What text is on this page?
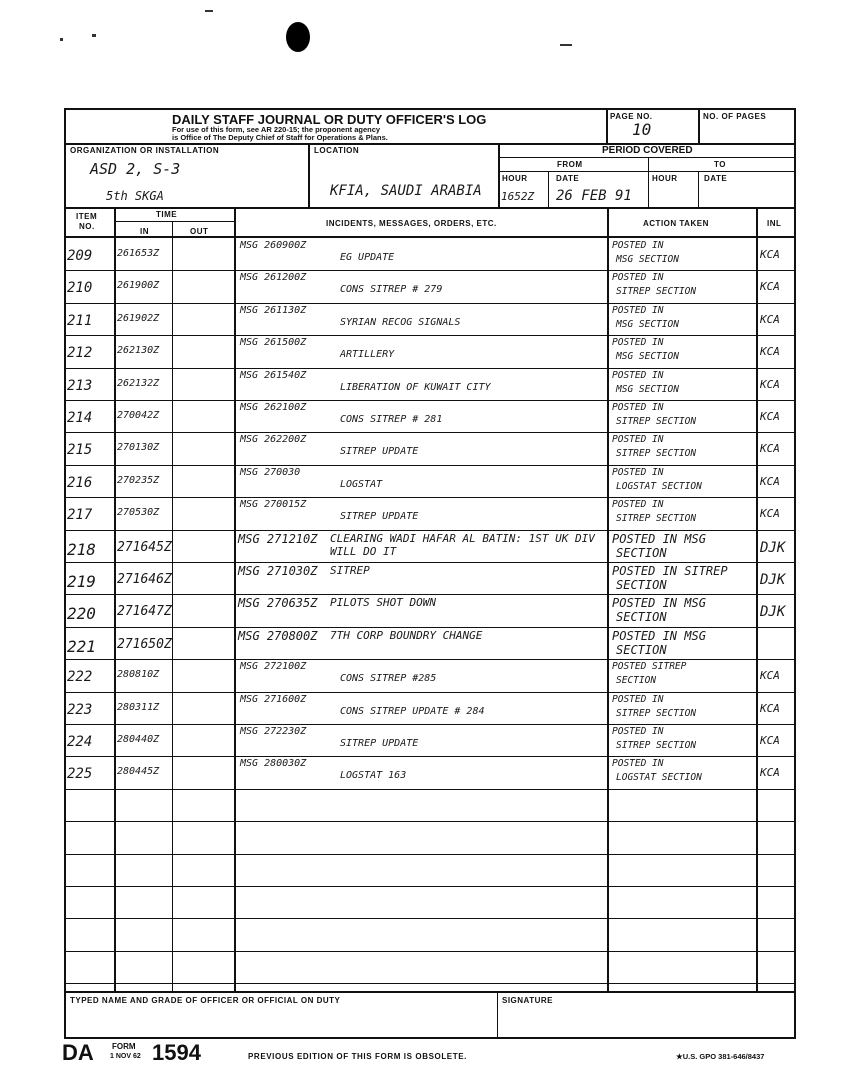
DAILY STAFF JOURNAL OR DUTY OFFICER'S LOG
For use of this form, see AR 220-15; the proponent agency
is Office of The Deputy Chief of Staff for Operations & Plans.
PAGE NO.
10
NO. OF PAGES
ORGANIZATION OR INSTALLATION
ASD 2, S-3
5th SKGA
LOCATION
KFIA, SAUDI ARABIA
PERIOD COVERED
FROM	TO
HOUR	DATE	HOUR	DATE
1652Z 26 FEB 91
ITEM
NO.
TIME
IN	OUT
INCIDENTS, MESSAGES, ORDERS, ETC.	ACTION TAKEN	INL
209 261653Z
MSG 260900Z
EG UPDATE
POSTED IN
MSG SECTION	KCA
210 261900Z
MSG 261200Z
CONS SITREP # 279
POSTED IN
SITREP SECTION	KCA
211 261902Z
MSG 261130Z
SYRIAN RECOG SIGNALS
POSTED IN
MSG SECTION	KCA
212 262130Z
MSG 261500Z
ARTILLERY
POSTED IN
MSG SECTION	KCA
213 262132Z
MSG 261540Z
LIBERATION OF KUWAIT CITY
POSTED IN
MSG SECTION	KCA
214 270042Z
MSG 262100Z
CONS SITREP # 281
POSTED IN
SITREP SECTION	KCA
215 270130Z
MSG 262200Z
SITREP UPDATE
POSTED IN
SITREP SECTION	KCA
216 270235Z
MSG 270030
LOGSTAT
POSTED IN
LOGSTAT SECTION	KCA
217 270530Z
MSG 270015Z
SITREP UPDATE
POSTED IN
SITREP SECTION	KCA
218 271645Z
MSG 271210Z CLEARING WADI HAFAR AL BATIN: 1ST UK DIV WILL DO IT
POSTED IN MSG
SECTION	DJK
219 271646Z
MSG 271030Z SITREP	POSTED IN SITREP
SECTION	DJK
220 271647Z
MSG 270635Z PILOTS SHOT DOWN	POSTED IN MSG
SECTION	DJK
221 271650Z
MSG 270800Z 7TH CORP BOUNDRY CHANGE	POSTED IN MSG
SECTION
222 280810Z
MSG 272100Z
CONS SITREP #285
POSTED SITREP
SECTION	KCA
223 280311Z
MSG 271600Z
CONS SITREP UPDATE # 284
POSTED IN
SITREP SECTION	KCA
224 280440Z
MSG 272230Z
SITREP UPDATE
POSTED IN
SITREP SECTION	KCA
225 280445Z
MSG 280030Z
LOGSTAT 163
POSTED IN
LOGSTAT SECTION	KCA
TYPED NAME AND GRADE OF OFFICER OR OFFICIAL ON DUTY	SIGNATURE
DA FORM
1 NOV 62 1594	PREVIOUS EDITION OF THIS FORM IS OBSOLETE.	★U.S. GPO 381-646/8437
